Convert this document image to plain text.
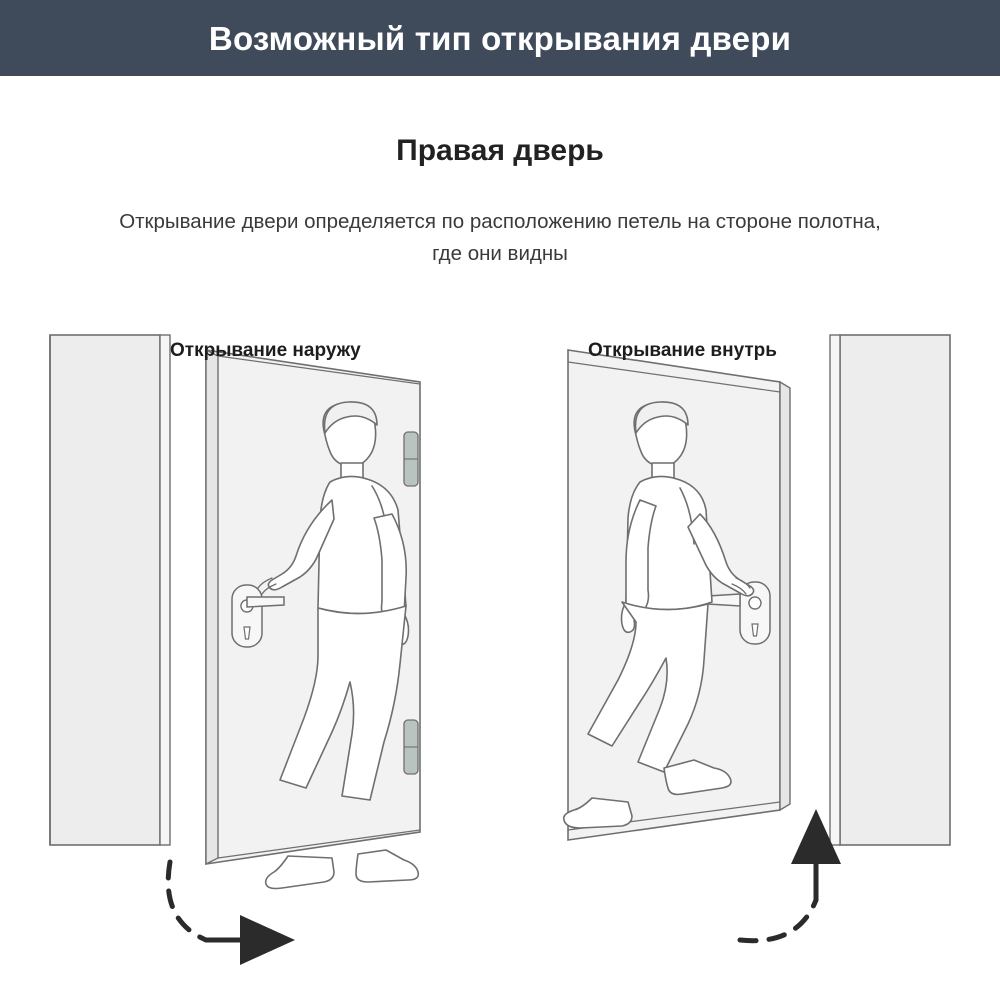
Возможный тип открывания двери
Правая дверь
Открывание двери определяется по расположению петель на стороне полотна, где они видны
Открывание наружу	Открывание внутрь
